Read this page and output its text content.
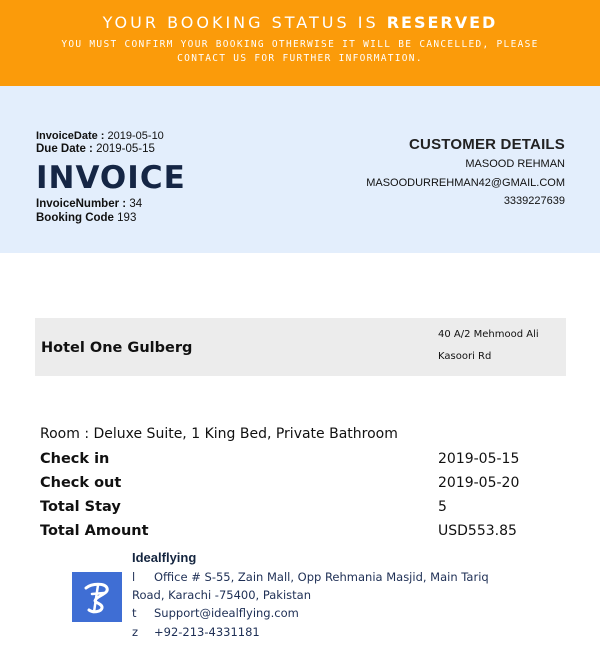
YOUR BOOKING STATUS IS RESERVED
YOU MUST CONFIRM YOUR BOOKING OTHERWISE IT WILL BE CANCELLED, PLEASE
CONTACT US FOR FURTHER INFORMATION.
InvoiceDate : 2019-05-10
Due Date : 2019-05-15
INVOICE
InvoiceNumber : 34
Booking Code 193
CUSTOMER DETAILS
MASOOD REHMAN
MASOODURREHMAN42@GMAIL.COM
3339227639
Hotel One Gulberg
40 A/2 Mehmood Ali
Kasoori Rd
Room : Deluxe Suite, 1 King Bed, Private Bathroom
Check in	2019-05-15
Check out	2019-05-20
Total Stay	5
Total Amount	USD553.85
Idealflying
l Office # S-55, Zain Mall, Opp Rehmania Masjid, Main Tariq
Road, Karachi -75400, Pakistan
t Support@idealflying.com
z +92-213-4331181
